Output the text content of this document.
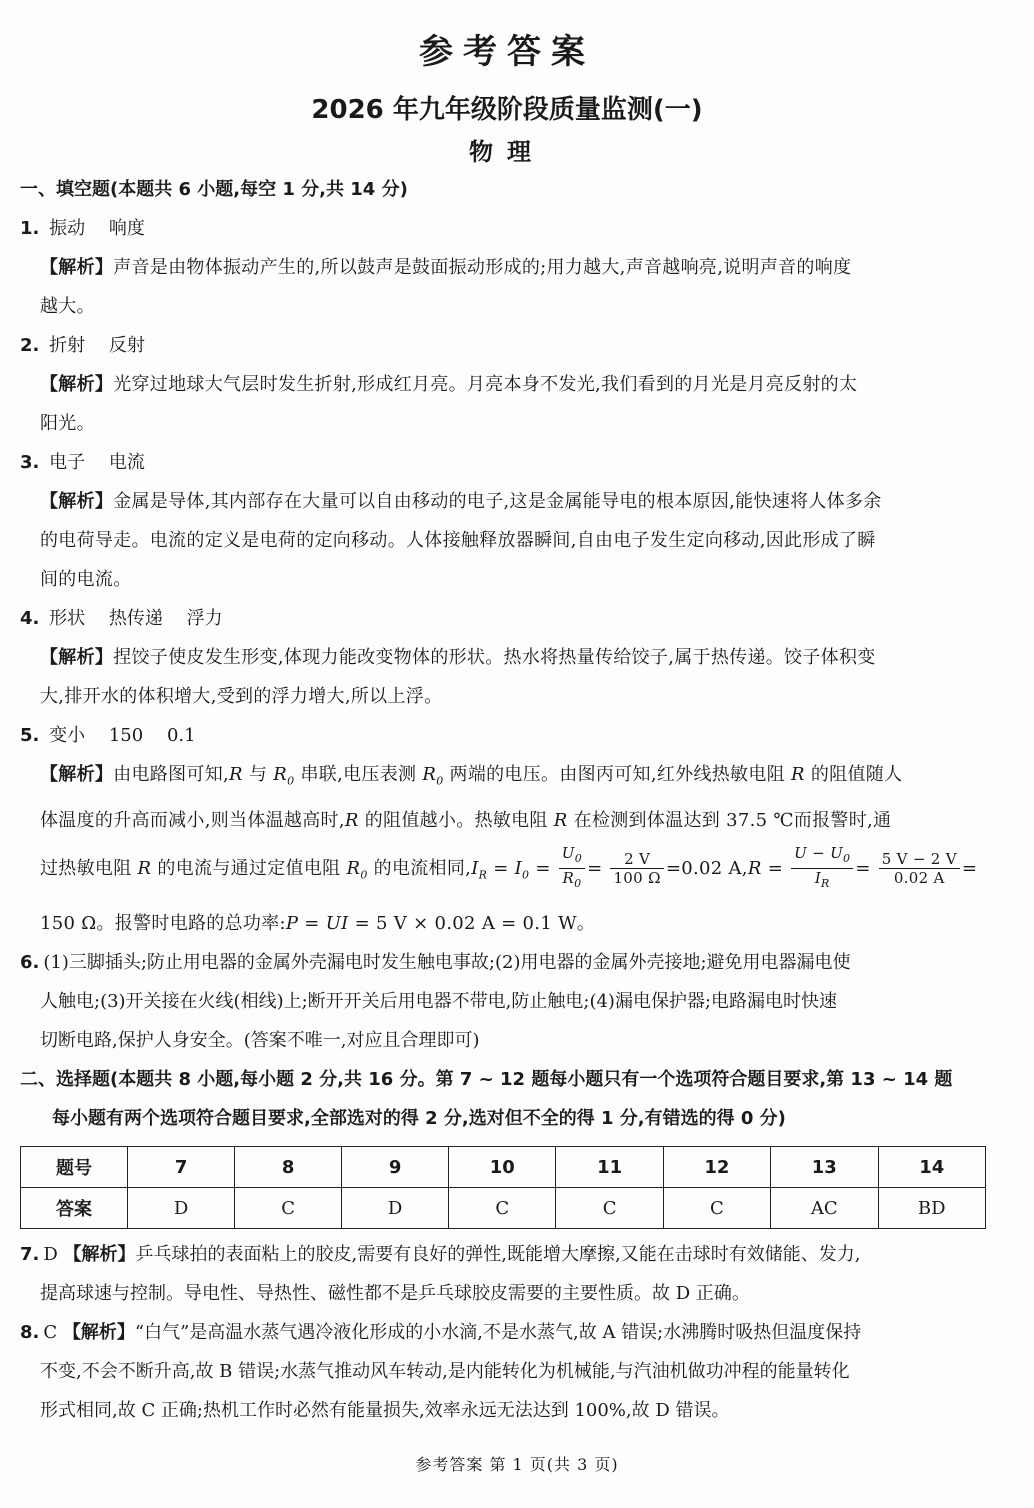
参考答案
2026 年九年级阶段质量监测(一)
物理
一、填空题(本题共 6 小题,每空 1 分,共 14 分)
1. 振动 响度
【解析】声音是由物体振动产生的,所以鼓声是鼓面振动形成的;用力越大,声音越响亮,说明声音的响度
越大。
2. 折射 反射
【解析】光穿过地球大气层时发生折射,形成红月亮。月亮本身不发光,我们看到的月光是月亮反射的太
阳光。
3. 电子 电流
【解析】金属是导体,其内部存在大量可以自由移动的电子,这是金属能导电的根本原因,能快速将人体多余
的电荷导走。电流的定义是电荷的定向移动。人体接触释放器瞬间,自由电子发生定向移动,因此形成了瞬
间的电流。
4. 形状 热传递 浮力
【解析】捏饺子使皮发生形变,体现力能改变物体的形状。热水将热量传给饺子,属于热传递。饺子体积变
大,排开水的体积增大,受到的浮力增大,所以上浮。
5. 变小 150 0.1
【解析】由电路图可知,R 与 $R_0$ 串联,电压表测 $R_0$ 两端的电压。由图丙可知,红外线热敏电阻 R 的阻值随人
体温度的升高而减小,则当体温越高时,R 的阻值越小。热敏电阻 R 在检测到体温达到 37.5 ℃而报警时,通
过热敏电阻 R 的电流与通过定值电阻 $R_0$ 的电流相同$,I_R = I_0 = \frac{U_0}{R_0} = \frac{2 V}{100 \Omega} =0.02$ $A,R = \frac{U - U_0}{I_R} = \frac{5 V - 2 V}{0.02 A}$ =
150 Ω。报警时电路的总功率:P = UI = 5 V × 0.02 A = 0.1 W。
6. (1)三脚插头;防止用电器的金属外壳漏电时发生触电事故;(2)用电器的金属外壳接地;避免用电器漏电使
人触电;(3)开关接在火线(相线)上;断开开关后用电器不带电,防止触电;(4)漏电保护器;电路漏电时快速
切断电路,保护人身安全。(答案不唯一,对应且合理即可)
二、选择题(本题共 8 小题,每小题 2 分,共 16 分。第 7 ~ 12 题每小题只有一个选项符合题目要求,第 13 ~ 14 题
每小题有两个选项符合题目要求,全部选对的得 2 分,选对但不全的得 1 分,有错选的得 0 分)
题号	7	8	9	10	11	12	13	14
答案	D	C	D	C	C	C	AC	BD
7. D 【解析】乒乓球拍的表面粘上的胶皮,需要有良好的弹性,既能增大摩擦,又能在击球时有效储能、发力,
提高球速与控制。导电性、导热性、磁性都不是乒乓球胶皮需要的主要性质。故 D 正确。
8. C 【解析】“白气”是高温水蒸气遇冷液化形成的小水滴,不是水蒸气,故 A 错误;水沸腾时吸热但温度保持
不变,不会不断升高,故 B 错误;水蒸气推动风车转动,是内能转化为机械能,与汽油机做功冲程的能量转化
形式相同,故 C 正确;热机工作时必然有能量损失,效率永远无法达到 100%,故 D 错误。
参考答案 第 1 页(共 3 页)
